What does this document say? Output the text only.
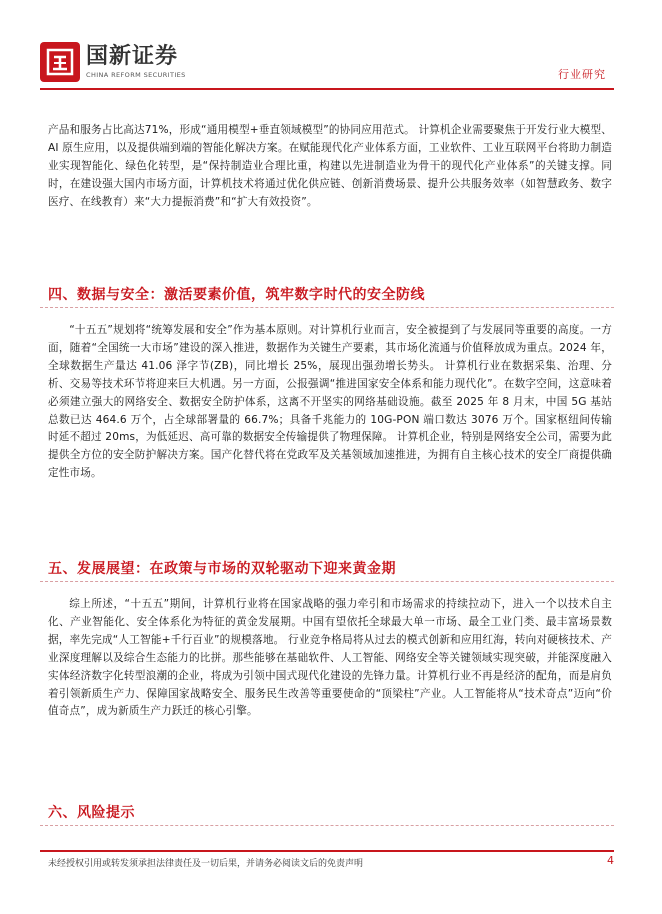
国新证券
CHINA REFORM SECURITIES	行业研究

产品和服务占比高达71%，形成“通用模型+垂直领域模型”的协同应用范式。 计算机企业需要聚焦于开发行业大模型、AI 原生应用，以及提供端到端的智能化解决方案。在赋能现代化产业体系方面，工业软件、工业互联网平台将助力制造业实现智能化、绿色化转型，是“保持制造业合理比重，构建以先进制造业为骨干的现代化产业体系”的关键支撑。同时，在建设强大国内市场方面，计算机技术将通过优化供应链、创新消费场景、提升公共服务效率（如智慧政务、数字医疗、在线教育）来“大力提振消费”和“扩大有效投资”。

四、数据与安全：激活要素价值，筑牢数字时代的安全防线

“十五五”规划将“统筹发展和安全”作为基本原则。对计算机行业而言，安全被提到了与发展同等重要的高度。一方面，随着“全国统一大市场”建设的深入推进，数据作为关键生产要素，其市场化流通与价值释放成为重点。2024 年，全球数据生产量达 41.06 泽字节(ZB)，同比增长 25%，展现出强劲增长势头。 计算机行业在数据采集、治理、分析、交易等技术环节将迎来巨大机遇。另一方面，公报强调“推进国家安全体系和能力现代化”。在数字空间，这意味着必须建立强大的网络安全、数据安全防护体系，这离不开坚实的网络基础设施。截至 2025 年 8 月末，中国 5G 基站总数已达 464.6 万个，占全球部署量的 66.7%；具备千兆能力的 10G-PON 端口数达 3076 万个。国家枢纽间传输时延不超过 20ms，为低延迟、高可靠的数据安全传输提供了物理保障。 计算机企业，特别是网络安全公司，需要为此提供全方位的安全防护解决方案。国产化替代将在党政军及关基领域加速推进，为拥有自主核心技术的安全厂商提供确定性市场。

五、发展展望：在政策与市场的双轮驱动下迎来黄金期

综上所述，“十五五”期间，计算机行业将在国家战略的强力牵引和市场需求的持续拉动下，进入一个以技术自主化、产业智能化、安全体系化为特征的黄金发展期。中国有望依托全球最大单一市场、最全工业门类、最丰富场景数据，率先完成“人工智能+千行百业”的规模落地。 行业竞争格局将从过去的模式创新和应用红海，转向对硬核技术、产业深度理解以及综合生态能力的比拼。那些能够在基础软件、人工智能、网络安全等关键领域实现突破，并能深度融入实体经济数字化转型浪潮的企业，将成为引领中国式现代化建设的先锋力量。计算机行业不再是经济的配角，而是肩负着引领新质生产力、保障国家战略安全、服务民生改善等重要使命的“顶梁柱”产业。人工智能将从“技术奇点”迈向“价值奇点”，成为新质生产力跃迁的核心引擎。

六、风险提示
未经授权引用或转发须承担法律责任及一切后果，并请务必阅读文后的免责声明	4
